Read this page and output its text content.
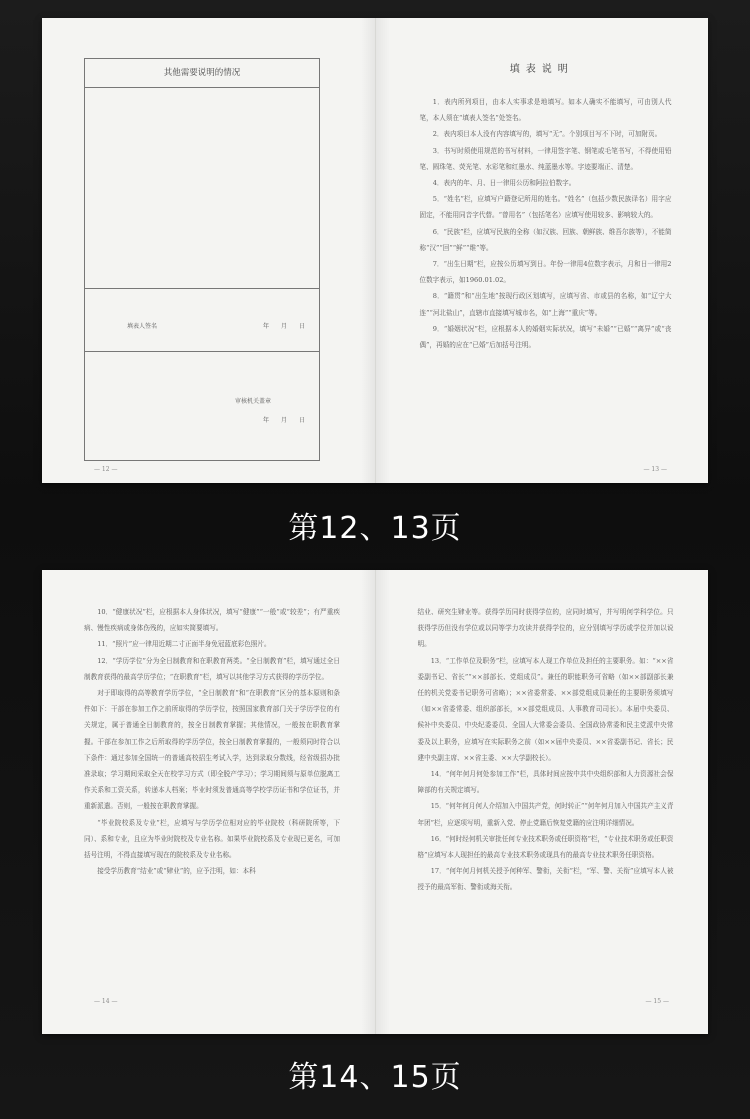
其他需要说明的情况
填表人签名	年　　月　　日
审核机关盖章
年　　月　　日
— 12 —
填表说明

1．表内所列项目，由本人实事求是地填写。如本人确实不能填写，可由别人代笔，本人须在“填表人签名”处签名。

2．表内项目本人没有内容填写的，填写“无”。个别项目写不下时，可加附页。

3．书写时须使用规范的书写材料，一律用签字笔、钢笔或毛笔书写，不得使用铅笔、圆珠笔、荧光笔、水彩笔和红墨水、纯蓝墨水等。字迹要端正、清楚。

4．表内的年、月、日一律用公历和阿拉伯数字。

5．“姓名”栏，应填写户籍登记所用的姓名。“姓名”（包括少数民族译名）用字应固定，不能用同音字代替。“曾用名”（包括笔名）应填写使用较多、影响较大的。

6．“民族”栏，应填写民族的全称（如汉族、回族、朝鲜族、维吾尔族等），不能简称“汉”“回”“鲜”“维”等。

7．“出生日期”栏，应按公历填写到日。年份一律用4位数字表示，月和日一律用2位数字表示，如1960.01.02。

8．“籍贯”和“出生地”按现行政区划填写，应填写省、市或县的名称，如“辽宁大连”“河北盐山”，直辖市直接填写城市名，如“上海”“重庆”等。

9．“婚姻状况”栏，应根据本人的婚姻实际状况，填写“未婚”“已婚”“离异”或“丧偶”，再婚的应在“已婚”后加括号注明。

— 13 —
第12、13页

10．“健康状况”栏，应根据本人身体状况，填写“健康”“一般”或“较差”；有严重疾病、慢性疾病或身体伤残的，应如实简要填写。

11．“照片”应一律用近期二寸正面半身免冠蓝底彩色照片。

12．“学历学位”分为全日制教育和在职教育两类。“全日制教育”栏，填写通过全日制教育获得的最高学历学位；“在职教育”栏，填写以其他学习方式获得的学历学位。

对于即取得的高等教育学历学位，“全日制教育”和“在职教育”区分的基本原则和条件如下：干部在参加工作之前所取得的学历学位，按照国家教育部门关于学历学位的有关规定，属于普通全日制教育的，按全日制教育掌握；其他情况，一般按在职教育掌握。干部在参加工作之后所取得的学历学位，按全日制教育掌握的，一般须同时符合以下条件：通过参加全国统一的普通高校招生考试入学，达到录取分数线，经省级招办批准录取；学习期间采取全天在校学习方式（即全脱产学习）；学习期间须与原单位脱离工作关系和工资关系，转递本人档案；毕业时须发普通高等学校学历证书和学位证书，并重新派遣。否则，一般按在职教育掌握。

“毕业院校系及专业”栏，应填写与学历学位相对应的毕业院校（科研院所等，下同）、系和专业，且应为毕业时院校及专业名称。如果毕业院校系及专业现已更名，可加括号注明，不得直接填写现在的院校系及专业名称。

接受学历教育“结业”或“肄业”的，应予注明，如：本科

— 14 —

结业、研究生肄业等。获得学历同时获得学位的，应同时填写，并写明何学科学位。只获得学历但没有学位或以同等学力攻读并获得学位的，应分别填写学历或学位并加以说明。

13．“工作单位及职务”栏，应填写本人现工作单位及担任的主要职务。如：“××省委副书记、省长”“××部部长、党组成员”。兼任的职能职务可省略（如××部副部长兼任的机关党委书记职务可省略）；××省委常委、××部党组成员兼任的主要职务须填写（如××省委常委、组织部部长，××部党组成员、人事教育司司长）。本届中央委员、候补中央委员、中央纪委委员、全国人大常委会委员、全国政协常委和民主党派中央常委及以上职务，应填写在实际职务之前（如××届中央委员、××省委副书记、省长；民建中央副主席、××省主委、××大学副校长）。

14．“何年何月何处参加工作”栏，具体时间应按中共中央组织部和人力资源社会保障部的有关规定填写。

15．“何年何月何人介绍加入中国共产党，何时转正”“何年何月加入中国共产主义青年团”栏，应逐项写明，重新入党、停止党籍后恢复党籍的应注明详细情况。

16．“何时经何机关审批任何专业技术职务或任职资格”栏，“专业技术职务或任职资格”应填写本人现担任的最高专业技术职务或现具有的最高专业技术职务任职资格。

17．“何年何月何机关授予何种军、警衔，关衔”栏，“军、警、关衔”应填写本人被授予的最高军衔、警衔或海关衔。

— 15 —
第14、15页
